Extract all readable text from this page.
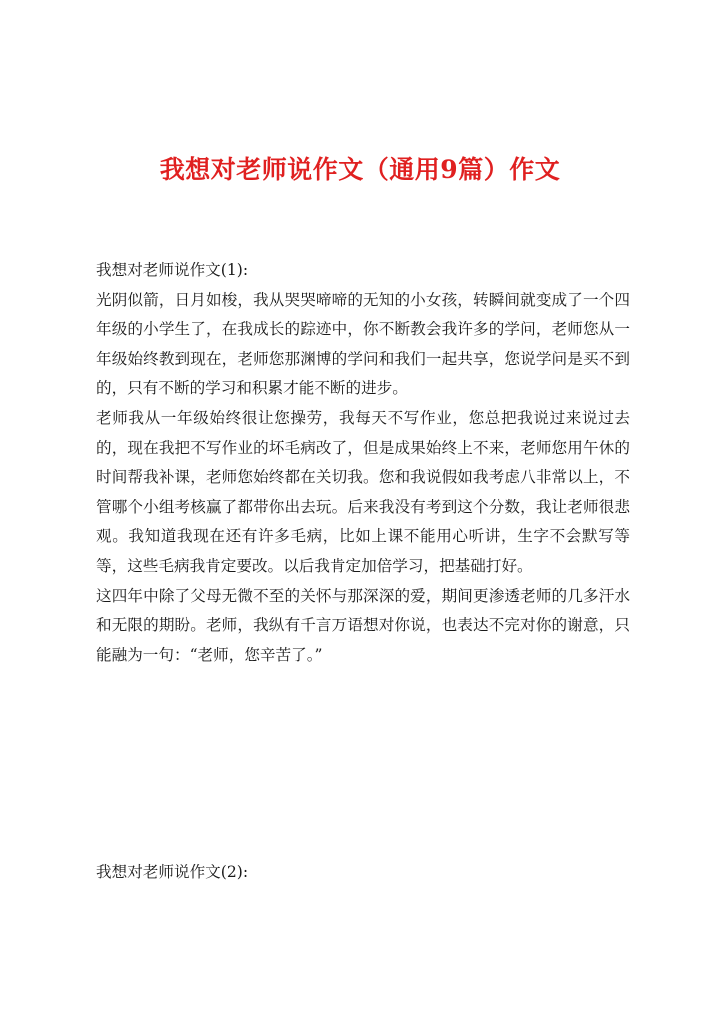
我想对老师说作文（通用9篇）作文

我想对老师说作文(1):

光阴似箭，日月如梭，我从哭哭啼啼的无知的小女孩，转瞬间就变成了一个四年级的小学生了，在我成长的踪迹中，你不断教会我许多的学问，老师您从一年级始终教到现在，老师您那渊博的学问和我们一起共享，您说学问是买不到的，只有不断的学习和积累才能不断的进步。

老师我从一年级始终很让您操劳，我每天不写作业，您总把我说过来说过去的，现在我把不写作业的坏毛病改了，但是成果始终上不来，老师您用午休的时间帮我补课，老师您始终都在关切我。您和我说假如我考虑八非常以上，不管哪个小组考核赢了都带你出去玩。后来我没有考到这个分数，我让老师很悲观。我知道我现在还有许多毛病，比如上课不能用心听讲，生字不会默写等等，这些毛病我肯定要改。以后我肯定加倍学习，把基础打好。

这四年中除了父母无微不至的关怀与那深深的爱，期间更渗透老师的几多汗水和无限的期盼。老师，我纵有千言万语想对你说，也表达不完对你的谢意，只能融为一句：“老师，您辛苦了。”

我想对老师说作文(2):
